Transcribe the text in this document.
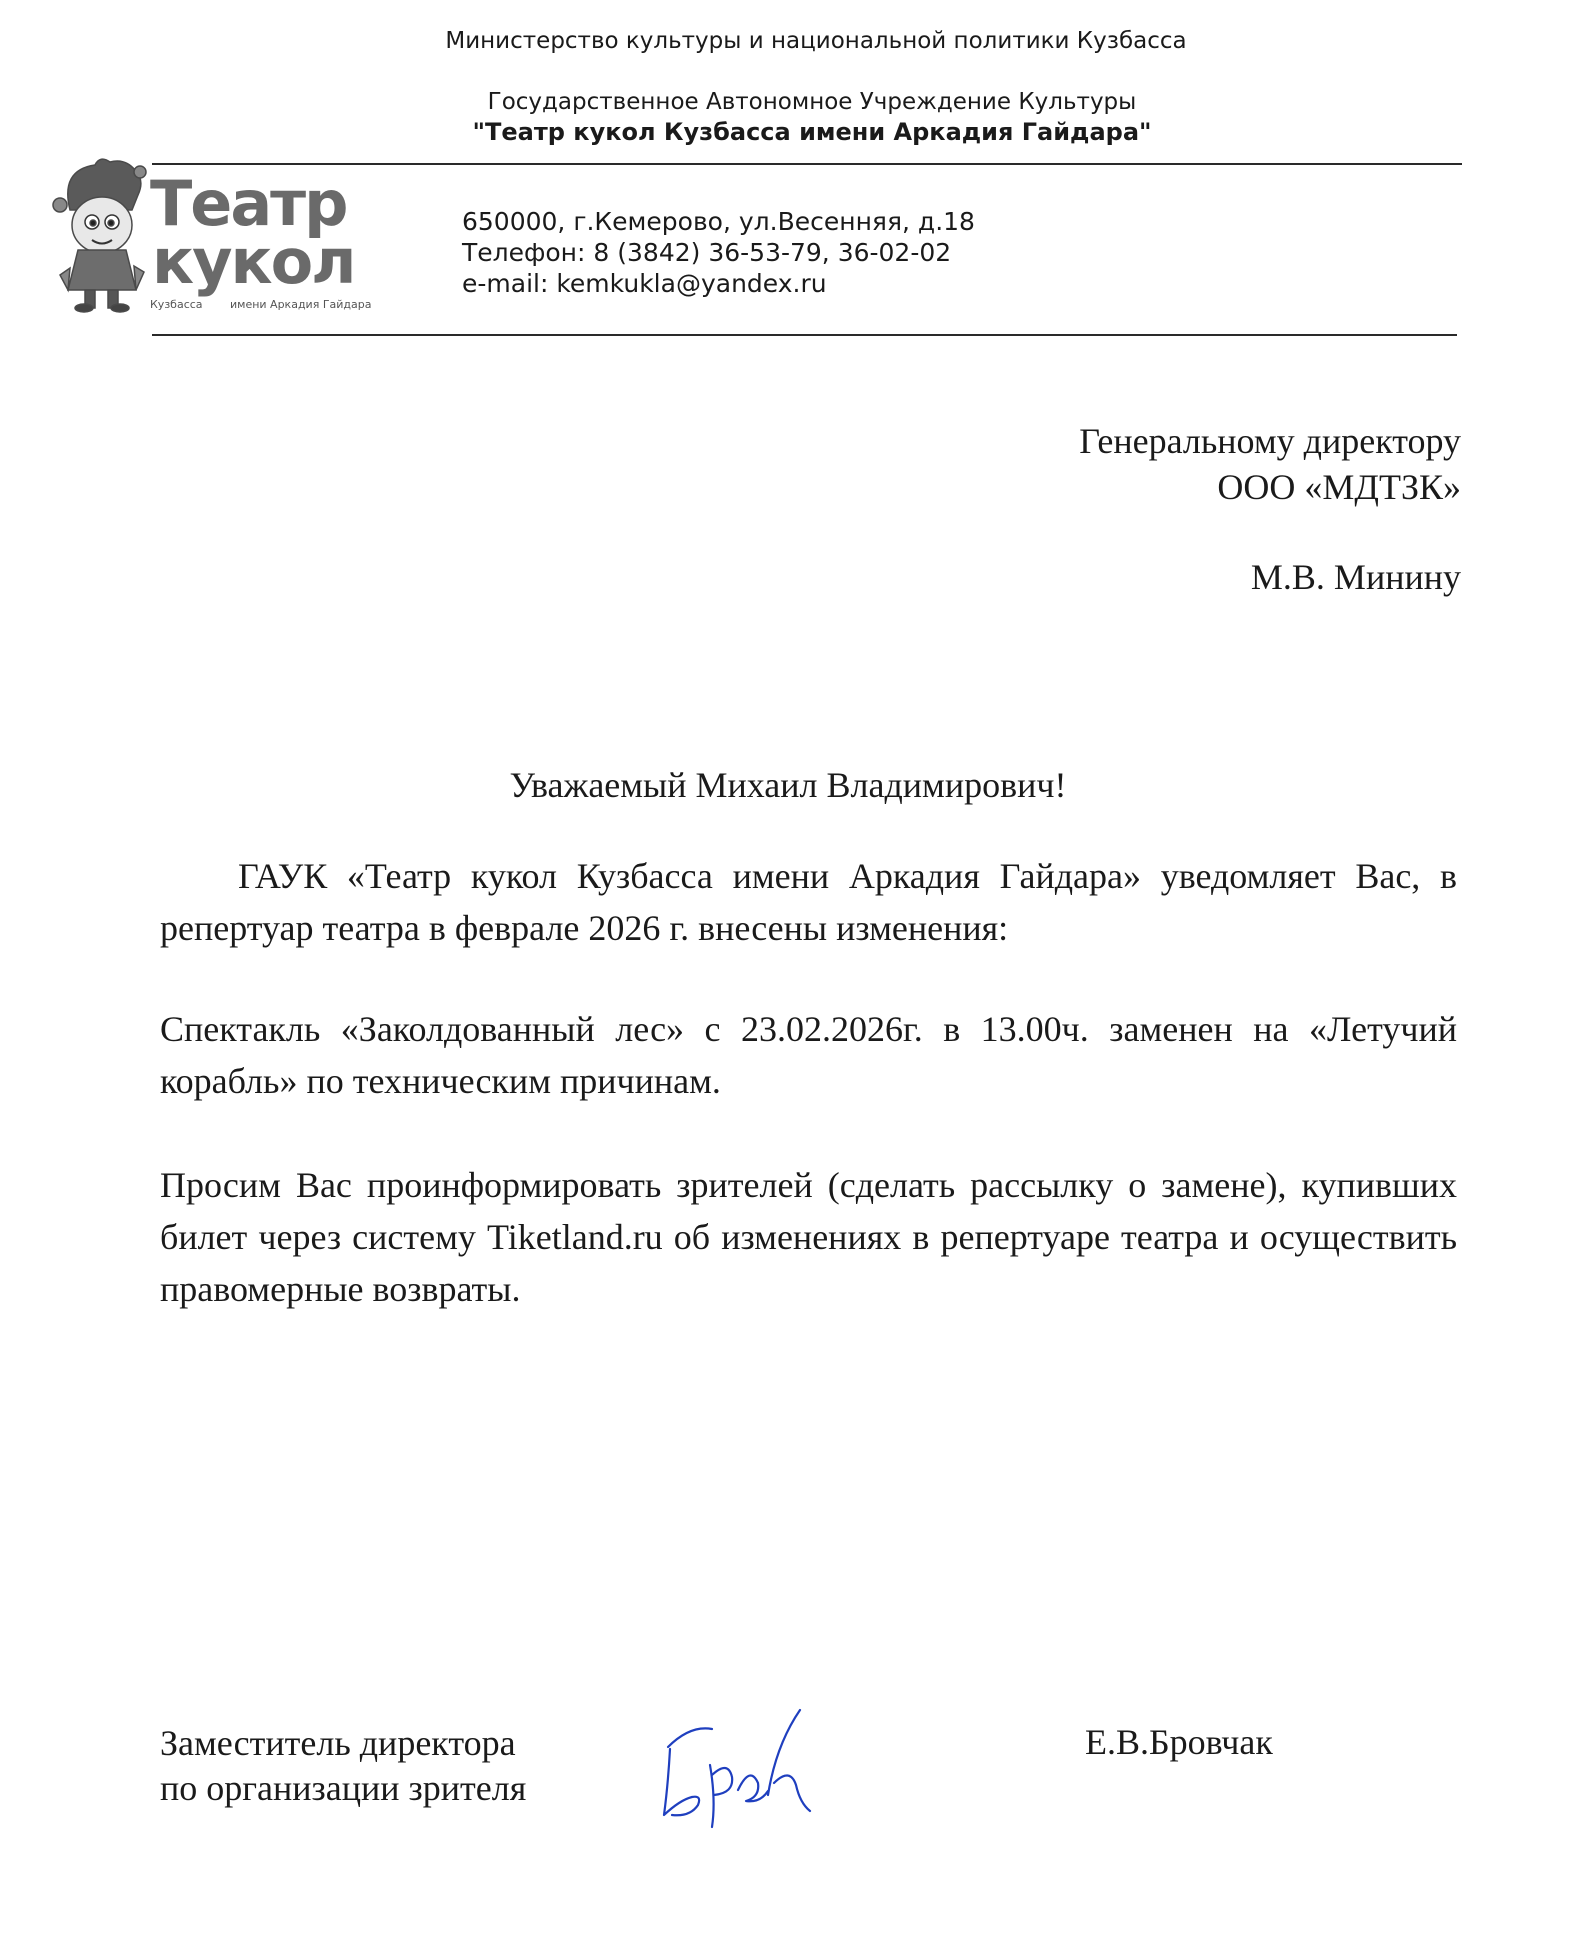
Министерство культуры и национальной политики Кузбасса
Государственное Автономное Учреждение Культуры
"Театр кукол Кузбасса имени Аркадия Гайдара"
Театр
кукол
Кузбасса имени Аркадия Гайдара
650000, г.Кемерово, ул.Весенняя, д.18
Телефон: 8 (3842) 36-53-79, 36-02-02
e-mail: kemkukla@yandex.ru
Генеральному директору
ООО «МДТЗК»
М.В. Минину
Уважаемый Михаил Владимирович!
ГАУК «Театр кукол Кузбасса имени Аркадия Гайдара» уведомляет Вас, в репертуар театра в феврале 2026 г. внесены изменения:
Спектакль «Заколдованный лес» с 23.02.2026г. в 13.00ч. заменен на «Летучий корабль» по техническим причинам.
Просим Вас проинформировать зрителей (сделать рассылку о замене), купивших билет через систему Tiketland.ru об изменениях в репертуаре театра и осуществить правомерные возвраты.
Заместитель директора
по организации зрителя
Е.В.Бровчак
